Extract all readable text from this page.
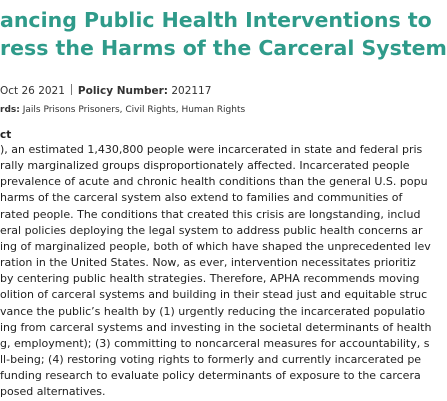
ancing Public Health Interventions to
ress the Harms of the Carceral System
Oct 26 2021 Policy Number: 202117
rds: Jails Prisons Prisoners, Civil Rights, Human Rights
ct
), an estimated 1,430,800 people were incarcerated in state and federal pris
rally marginalized groups disproportionately affected. Incarcerated people
prevalence of acute and chronic health conditions than the general U.S. popu
harms of the carceral system also extend to families and communities of
rated people. The conditions that created this crisis are longstanding, includ
eral policies deploying the legal system to address public health concerns ar
ing of marginalized people, both of which have shaped the unprecedented lev
ration in the United States. Now, as ever, intervention necessitates prioritiz
by centering public health strategies. Therefore, APHA recommends moving
olition of carceral systems and building in their stead just and equitable struc
vance the public’s health by (1) urgently reducing the incarcerated populatio
ing from carceral systems and investing in the societal determinants of health
g, employment); (3) committing to noncarceral measures for accountability, s
ll-being; (4) restoring voting rights to formerly and currently incarcerated pe
funding research to evaluate policy determinants of exposure to the carcera
posed alternatives.
